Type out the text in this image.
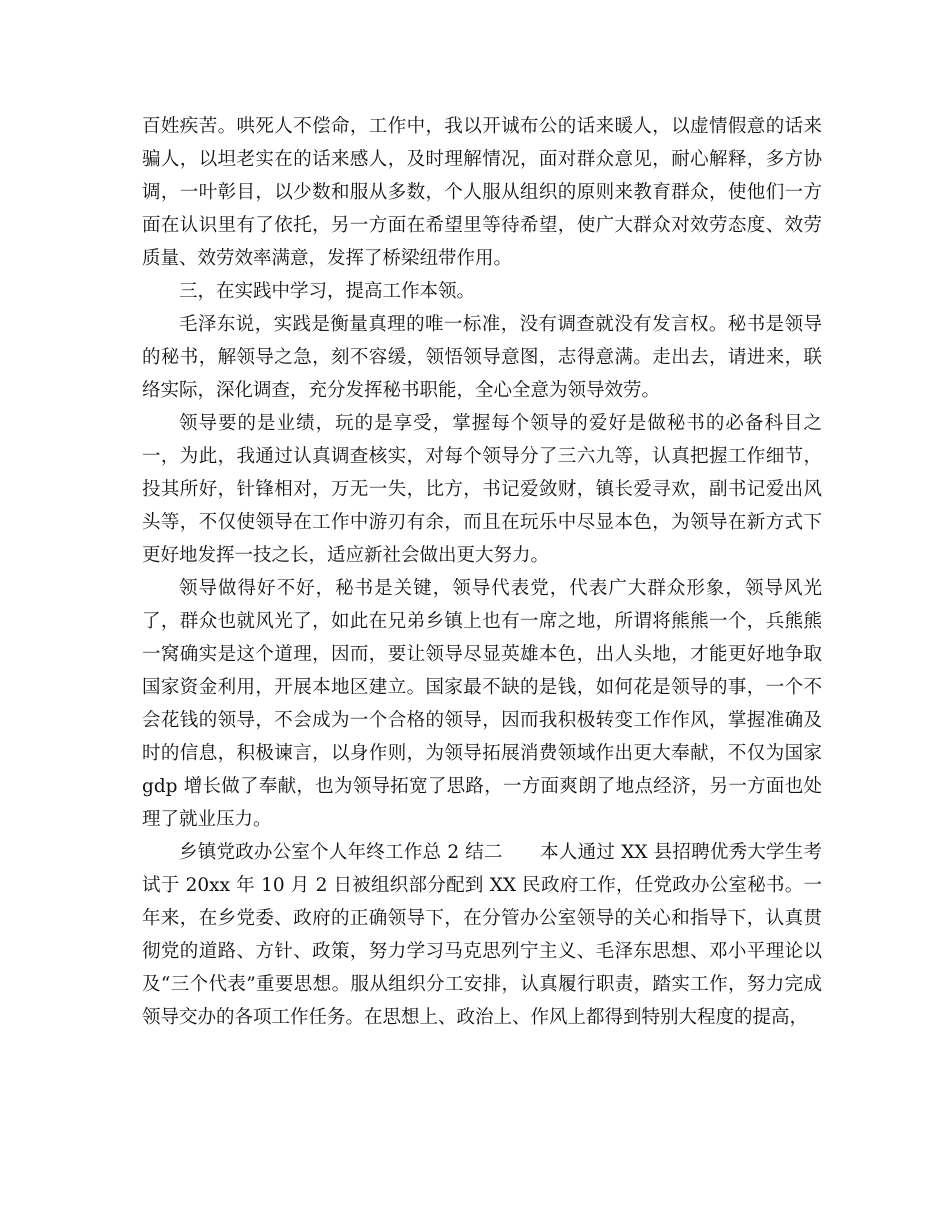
百姓疾苦。哄死人不偿命，工作中，我以开诚布公的话来暖人，以虚情假意的话来骗人，以坦老实在的话来感人，及时理解情况，面对群众意见，耐心解释，多方协调，一叶彰目，以少数和服从多数，个人服从组织的原则来教育群众，使他们一方面在认识里有了依托，另一方面在希望里等待希望，使广大群众对效劳态度、效劳质量、效劳效率满意，发挥了桥梁纽带作用。

三，在实践中学习，提高工作本领。

毛泽东说，实践是衡量真理的唯一标准，没有调查就没有发言权。秘书是领导的秘书，解领导之急，刻不容缓，领悟领导意图，志得意满。走出去，请进来，联络实际，深化调查，充分发挥秘书职能，全心全意为领导效劳。

领导要的是业绩，玩的是享受，掌握每个领导的爱好是做秘书的必备科目之一，为此，我通过认真调查核实，对每个领导分了三六九等，认真把握工作细节，投其所好，针锋相对，万无一失，比方，书记爱敛财，镇长爱寻欢，副书记爱出风头等，不仅使领导在工作中游刃有余，而且在玩乐中尽显本色，为领导在新方式下更好地发挥一技之长，适应新社会做出更大努力。

领导做得好不好，秘书是关键，领导代表党，代表广大群众形象，领导风光了，群众也就风光了，如此在兄弟乡镇上也有一席之地，所谓将熊熊一个，兵熊熊一窝确实是这个道理，因而，要让领导尽显英雄本色，出人头地，才能更好地争取国家资金利用，开展本地区建立。国家最不缺的是钱，如何花是领导的事，一个不会花钱的领导，不会成为一个合格的领导，因而我积极转变工作作风，掌握准确及时的信息，积极谏言，以身作则，为领导拓展消费领域作出更大奉献，不仅为国家 gdp 增长做了奉献，也为领导拓宽了思路，一方面爽朗了地点经济，另一方面也处理了就业压力。

乡镇党政办公室个人年终工作总 2 结二　　本人通过 XX 县招聘优秀大学生考试于 20xx 年 10 月 2 日被组织部分配到 XX 民政府工作，任党政办公室秘书。一年来，在乡党委、政府的正确领导下，在分管办公室领导的关心和指导下，认真贯彻党的道路、方针、政策，努力学习马克思列宁主义、毛泽东思想、邓小平理论以及“三个代表”重要思想。服从组织分工安排，认真履行职责，踏实工作，努力完成领导交办的各项工作任务。在思想上、政治上、作风上都得到特别大程度的提高，
